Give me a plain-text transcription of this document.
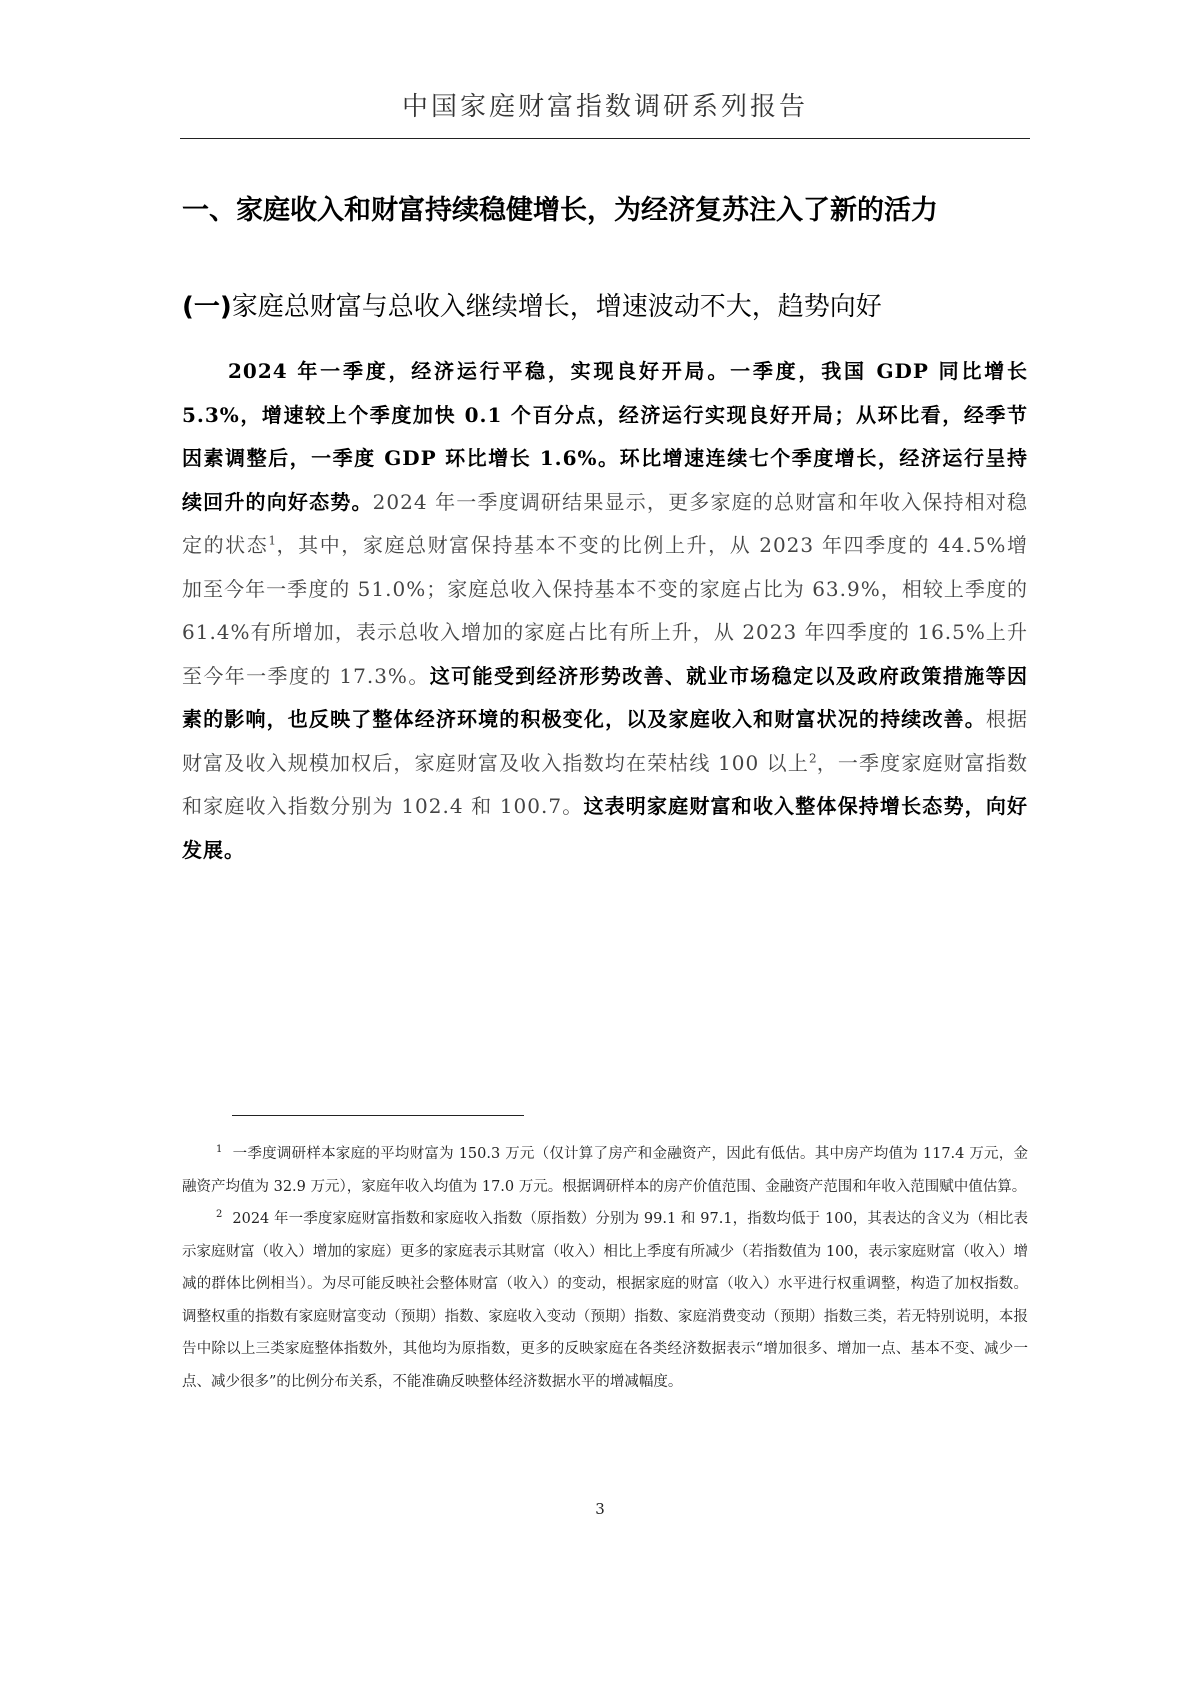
中国家庭财富指数调研系列报告
一、家庭收入和财富持续稳健增长，为经济复苏注入了新的活力
(一)家庭总财富与总收入继续增长，增速波动不大，趋势向好
2024 年一季度，经济运行平稳，实现良好开局。一季度，我国 GDP 同比增长 5.3%，增速较上个季度加快 0.1 个百分点，经济运行实现良好开局；从环比看，经季节因素调整后，一季度 GDP 环比增长 1.6%。环比增速连续七个季度增长，经济运行呈持续回升的向好态势。2024 年一季度调研结果显示，更多家庭的总财富和年收入保持相对稳定的状态$^1$，其中，家庭总财富保持基本不变的比例上升，从 2023 年四季度的 44.5%增加至今年一季度的 51.0%；家庭总收入保持基本不变的家庭占比为 63.9%，相较上季度的 61.4%有所增加，表示总收入增加的家庭占比有所上升，从 2023 年四季度的 16.5%上升至今年一季度的 17.3%。这可能受到经济形势改善、就业市场稳定以及政府政策措施等因素的影响，也反映了整体经济环境的积极变化，以及家庭收入和财富状况的持续改善。根据财富及收入规模加权后，家庭财富及收入指数均在荣枯线 100 以上$^2$，一季度家庭财富指数和家庭收入指数分别为 102.4 和 100.7。这表明家庭财富和收入整体保持增长态势，向好发展。

$^1$ 一季度调研样本家庭的平均财富为 150.3 万元（仅计算了房产和金融资产，因此有低估。其中房产均值为 117.4 万元，金融资产均值为 32.9 万元），家庭年收入均值为 17.0 万元。根据调研样本的房产价值范围、金融资产范围和年收入范围赋中值估算。

$^2$ 2024 年一季度家庭财富指数和家庭收入指数（原指数）分别为 99.1 和 97.1，指数均低于 100，其表达的含义为（相比表示家庭财富（收入）增加的家庭）更多的家庭表示其财富（收入）相比上季度有所减少（若指数值为 100，表示家庭财富（收入）增减的群体比例相当）。为尽可能反映社会整体财富（收入）的变动，根据家庭的财富（收入）水平进行权重调整，构造了加权指数。调整权重的指数有家庭财富变动（预期）指数、家庭收入变动（预期）指数、家庭消费变动（预期）指数三类，若无特别说明，本报告中除以上三类家庭整体指数外，其他均为原指数，更多的反映家庭在各类经济数据表示“增加很多、增加一点、基本不变、减少一点、减少很多”的比例分布关系，不能准确反映整体经济数据水平的增减幅度。

3
